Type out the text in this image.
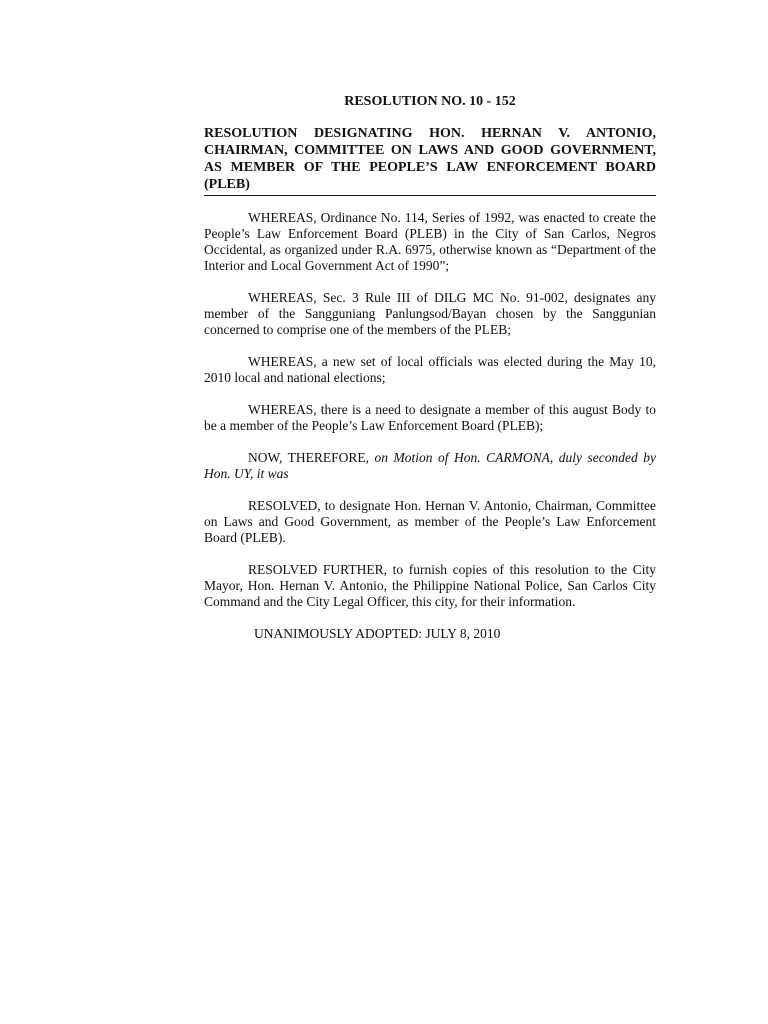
RESOLUTION NO. 10 - 152
RESOLUTION DESIGNATING HON. HERNAN V. ANTONIO, CHAIRMAN, COMMITTEE ON LAWS AND GOOD GOVERNMENT, AS MEMBER OF THE PEOPLE’S LAW ENFORCEMENT BOARD (PLEB)

WHEREAS, Ordinance No. 114, Series of 1992, was enacted to create the People’s Law Enforcement Board (PLEB) in the City of San Carlos, Negros Occidental, as organized under R.A. 6975, otherwise known as “Department of the Interior and Local Government Act of 1990”;

WHEREAS, Sec. 3 Rule III of DILG MC No. 91-002, designates any member of the Sangguniang Panlungsod/Bayan chosen by the Sanggunian concerned to comprise one of the members of the PLEB;

WHEREAS, a new set of local officials was elected during the May 10, 2010 local and national elections;

WHEREAS, there is a need to designate a member of this august Body to be a member of the People’s Law Enforcement Board (PLEB);

NOW, THEREFORE, on Motion of Hon. CARMONA, duly seconded by Hon. UY, it was

RESOLVED, to designate Hon. Hernan V. Antonio, Chairman, Committee on Laws and Good Government, as member of the People’s Law Enforcement Board (PLEB).

RESOLVED FURTHER, to furnish copies of this resolution to the City Mayor, Hon. Hernan V. Antonio, the Philippine National Police, San Carlos City Command and the City Legal Officer, this city, for their information.

UNANIMOUSLY ADOPTED: JULY 8, 2010
